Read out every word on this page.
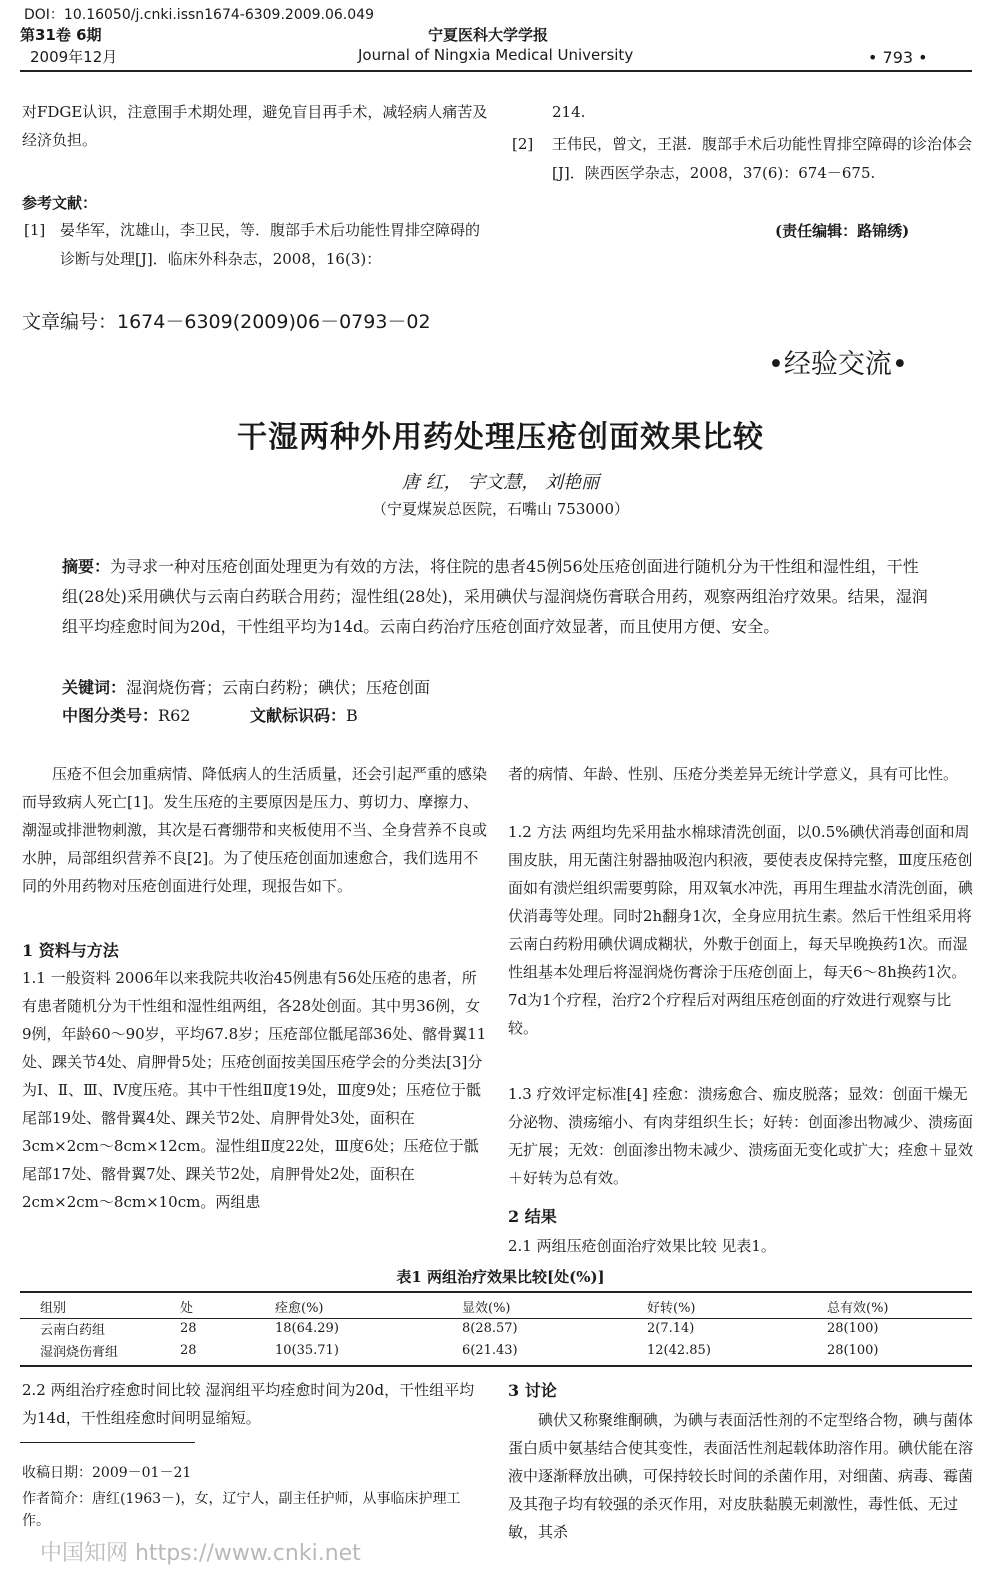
DOI：10.16050/j.cnki.issn1674-6309.2009.06.049
第31卷 6期
2009年12月
宁夏医科大学学报
Journal of Ningxia Medical University	• 793 •
对FDGE认识，注意围手术期处理，避免盲目再手术，减轻病人痛苦及经济负担。
参考文献：
[1] 晏华军，沈雄山，李卫民，等．腹部手术后功能性胃排空障碍的诊断与处理[J]．临床外科杂志，2008，16(3)：
214.
[2] 王伟民，曾文，王湛．腹部手术后功能性胃排空障碍的诊治体会[J]．陕西医学杂志，2008，37(6)：674－675.
(责任编辑：路锦绣)
文章编号：1674－6309(2009)06－0793－02
•经验交流•
干湿两种外用药处理压疮创面效果比较
唐 红， 宇文慧， 刘艳丽
（宁夏煤炭总医院，石嘴山 753000）
摘要：为寻求一种对压疮创面处理更为有效的方法，将住院的患者45例56处压疮创面进行随机分为干性组和湿性组，干性组(28处)采用碘伏与云南白药联合用药；湿性组(28处)，采用碘伏与湿润烧伤膏联合用药，观察两组治疗效果。结果，湿润组平均痊愈时间为20d，干性组平均为14d。云南白药治疗压疮创面疗效显著，而且使用方便、安全。
关键词：湿润烧伤膏；云南白药粉；碘伏；压疮创面
中图分类号：R62	文献标识码：B
压疮不但会加重病情、降低病人的生活质量，还会引起严重的感染而导致病人死亡[1]。发生压疮的主要原因是压力、剪切力、摩擦力、潮湿或排泄物刺激，其次是石膏绷带和夹板使用不当、全身营养不良或水肿，局部组织营养不良[2]。为了使压疮创面加速愈合，我们选用不同的外用药物对压疮创面进行处理，现报告如下。
1 资料与方法
1.1 一般资料 2006年以来我院共收治45例患有56处压疮的患者，所有患者随机分为干性组和湿性组两组，各28处创面。其中男36例，女9例，年龄60～90岁，平均67.8岁；压疮部位骶尾部36处、髂骨翼11处、踝关节4处、肩胛骨5处；压疮创面按美国压疮学会的分类法[3]分为Ⅰ、Ⅱ、Ⅲ、Ⅳ度压疮。其中干性组Ⅱ度19处，Ⅲ度9处；压疮位于骶尾部19处、髂骨翼4处、踝关节2处、肩胛骨处3处，面积在3cm×2cm～8cm×12cm。湿性组Ⅱ度22处，Ⅲ度6处；压疮位于骶尾部17处、髂骨翼7处、踝关节2处，肩胛骨处2处，面积在2cm×2cm～8cm×10cm。两组患
者的病情、年龄、性别、压疮分类差异无统计学意义，具有可比性。
1.2 方法 两组均先采用盐水棉球清洗创面，以0.5%碘伏消毒创面和周围皮肤，用无菌注射器抽吸泡内积液，要使表皮保持完整，Ⅲ度压疮创面如有溃烂组织需要剪除，用双氧水冲洗，再用生理盐水清洗创面，碘伏消毒等处理。同时2h翻身1次，全身应用抗生素。然后干性组采用将云南白药粉用碘伏调成糊状，外敷于创面上，每天早晚换药1次。而湿性组基本处理后将湿润烧伤膏涂于压疮创面上，每天6～8h换药1次。7d为1个疗程，治疗2个疗程后对两组压疮创面的疗效进行观察与比较。
1.3 疗效评定标准[4] 痊愈：溃疡愈合、痂皮脱落；显效：创面干燥无分泌物、溃疡缩小、有肉芽组织生长；好转：创面渗出物减少、溃疡面无扩展；无效：创面渗出物未减少、溃疡面无变化或扩大；痊愈＋显效＋好转为总有效。
2 结果
2.1 两组压疮创面治疗效果比较 见表1。
表1 两组治疗效果比较[处(%)]
组别	处	痊愈(%)	显效(%)	好转(%)	总有效(%)
云南白药组	28	18(64.29)	8(28.57)	2(7.14)	28(100)
湿润烧伤膏组	28	10(35.71)	6(21.43)	12(42.85)	28(100)
2.2 两组治疗痊愈时间比较 湿润组平均痊愈时间为20d，干性组平均为14d，干性组痊愈时间明显缩短。
收稿日期：2009－01－21
作者简介：唐红(1963－)，女，辽宁人，副主任护师，从事临床护理工作。
3 讨论
碘伏又称聚维酮碘，为碘与表面活性剂的不定型络合物，碘与菌体蛋白质中氨基结合使其变性，表面活性剂起载体助溶作用。碘伏能在溶液中逐渐释放出碘，可保持较长时间的杀菌作用，对细菌、病毒、霉菌及其孢子均有较强的杀灭作用，对皮肤黏膜无刺激性，毒性低、无过敏，其杀
中国知网 https://www.cnki.net
